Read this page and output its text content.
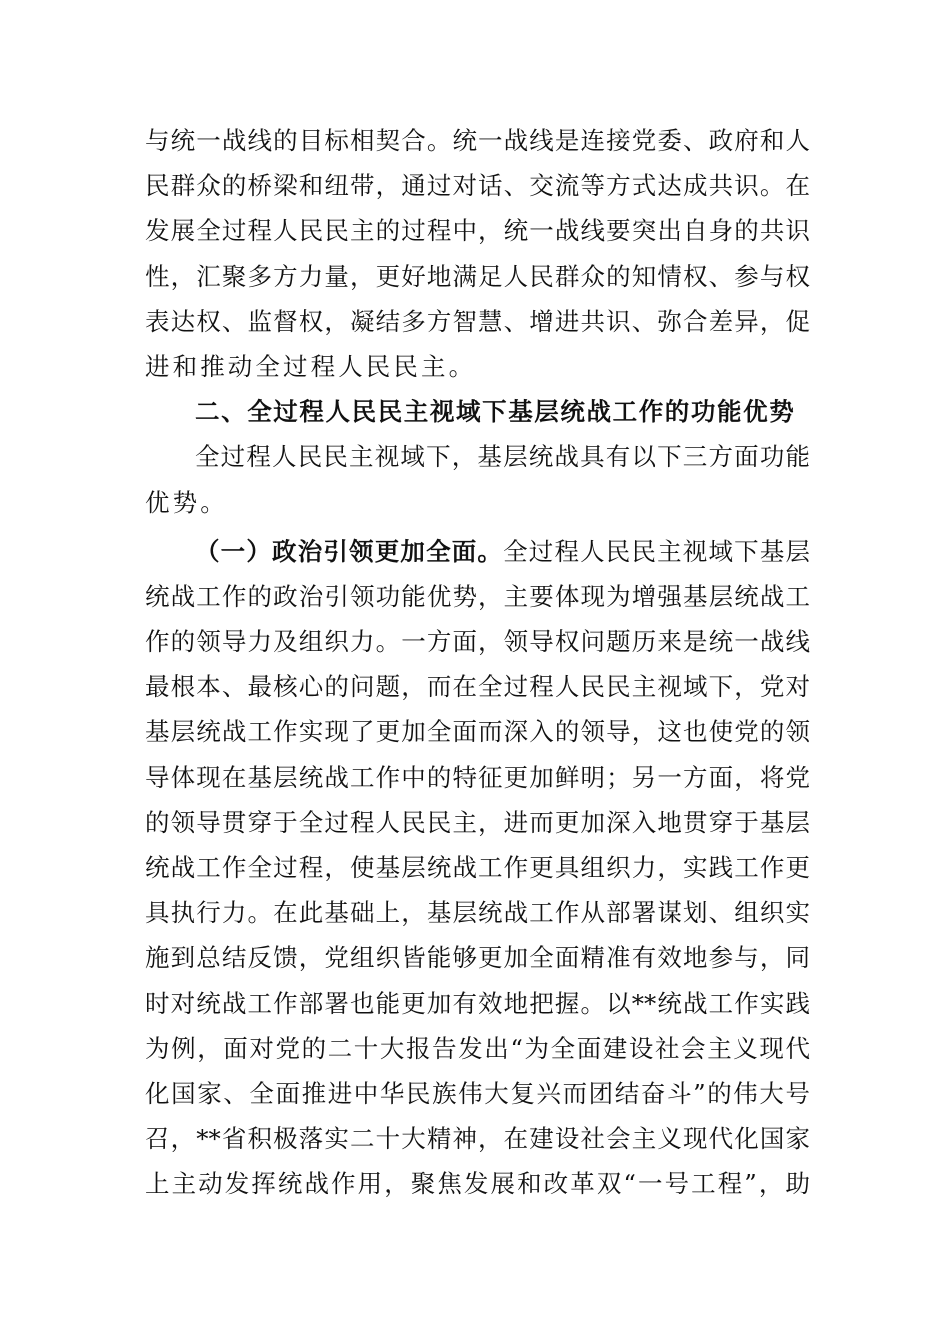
与统一战线的目标相契合。统一战线是连接党委、政府和人
民群众的桥梁和纽带，通过对话、交流等方式达成共识。在
发展全过程人民民主的过程中，统一战线要突出自身的共识
性，汇聚多方力量，更好地满足人民群众的知情权、参与权
表达权、监督权，凝结多方智慧、增进共识、弥合差异，促
进和推动全过程人民民主。
二、全过程人民民主视域下基层统战工作的功能优势
全过程人民民主视域下，基层统战具有以下三方面功能
优势。
（一）政治引领更加全面。全过程人民民主视域下基层
统战工作的政治引领功能优势，主要体现为增强基层统战工
作的领导力及组织力。一方面，领导权问题历来是统一战线
最根本、最核心的问题，而在全过程人民民主视域下，党对
基层统战工作实现了更加全面而深入的领导，这也使党的领
导体现在基层统战工作中的特征更加鲜明；另一方面，将党
的领导贯穿于全过程人民民主，进而更加深入地贯穿于基层
统战工作全过程，使基层统战工作更具组织力，实践工作更
具执行力。在此基础上，基层统战工作从部署谋划、组织实
施到总结反馈，党组织皆能够更加全面精准有效地参与，同
时对统战工作部署也能更加有效地把握。以**统战工作实践
为例，面对党的二十大报告发出“为全面建设社会主义现代
化国家、全面推进中华民族伟大复兴而团结奋斗”的伟大号
召，**省积极落实二十大精神，在建设社会主义现代化国家
上主动发挥统战作用，聚焦发展和改革双“一号工程”，助
